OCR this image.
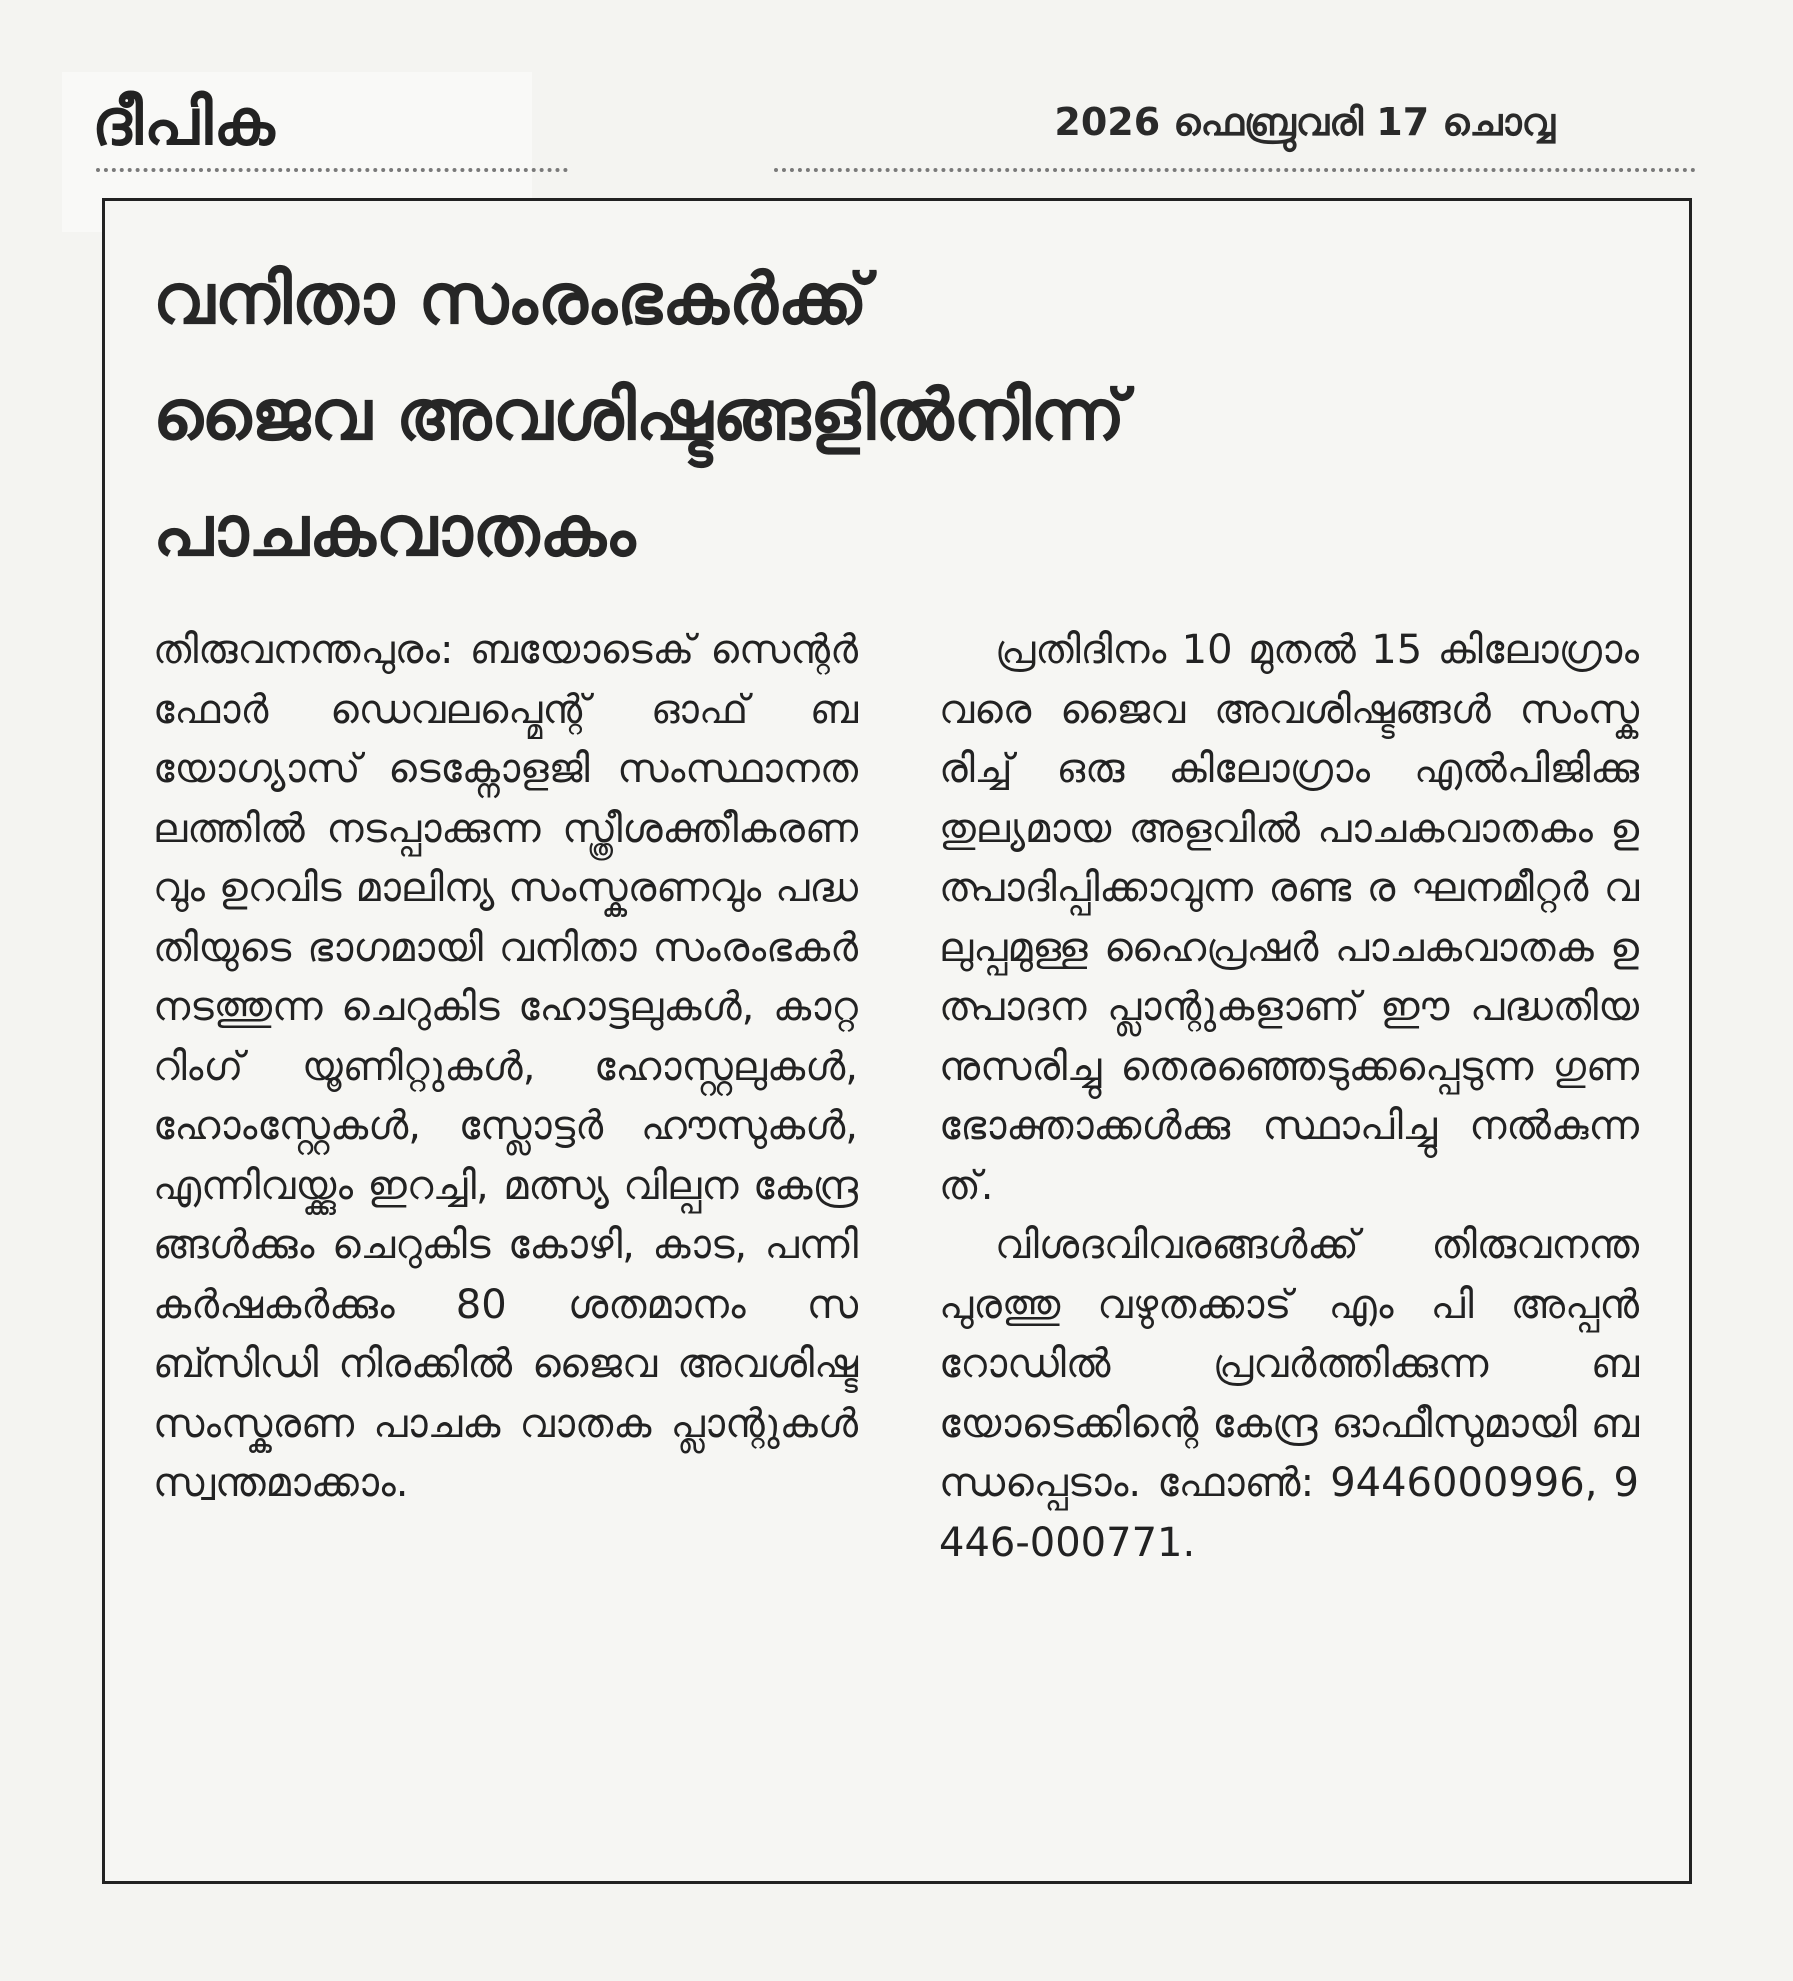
ദീപിക	2026 ഫെബ്രുവരി 17 ചൊവ്വ
വനിതാ സംരംഭകർക്ക്
ജൈവ അവശിഷ്ടങ്ങളിൽനിന്ന്
പാചകവാതകം

തിരുവനന്തപുരം: ബയോടെക് സെന്റർ ഫോർ ഡെവലപ്മെന്റ് ഓഫ് ബയോഗ്യാസ് ടെക്നോളജി സംസ്ഥാനതലത്തിൽ നടപ്പാക്കുന്ന സ്ത്രീശക്തീകരണവും ഉറവിട മാലിന്യ സംസ്കരണവും പദ്ധതിയുടെ ഭാഗമായി വനിതാ സംരംഭകർ നടത്തുന്ന ചെറുകിട ഹോട്ടലുകൾ, കാറ്ററിംഗ് യൂണിറ്റുകൾ, ഹോസ്റ്റലുകൾ, ഹോംസ്റ്റേകൾ, സ്ലോട്ടർ ഹൗസുകൾ, എന്നിവയ്ക്കും ഇറച്ചി, മത്സ്യ വില്പന കേന്ദ്രങ്ങൾക്കും ചെറുകിട കോഴി, കാട, പന്നി കർഷകർക്കും 80 ശതമാനം സബ്സിഡി നിരക്കിൽ ജൈവ അവശിഷ്ട സംസ്കരണ പാചക വാതക പ്ലാന്റുകൾ സ്വന്തമാക്കാം.

പ്രതിദിനം 10 മുതൽ 15 കിലോഗ്രാം വരെ ജൈവ അവശിഷ്ടങ്ങൾ സംസ്കരിച്ച് ഒരു കിലോഗ്രാം എൽപിജിക്കു തുല്യമായ അളവിൽ പാചകവാതകം ഉത്പാദിപ്പിക്കാവുന്ന രണ്ട ര ഘനമീറ്റർ വലുപ്പമുള്ള ഹൈപ്രഷർ പാചകവാതക ഉത്പാദന പ്ലാന്റുകളാണ് ഈ പദ്ധതിയനുസരിച്ചു തെരഞ്ഞെടുക്കപ്പെടുന്ന ഗുണഭോക്താക്കൾക്കു സ്ഥാപിച്ചു നൽകുന്നത്.

വിശദവിവരങ്ങൾക്ക് തിരുവനന്തപുരത്തു വഴുതക്കാട് എം പി അപ്പൻ റോഡിൽ പ്രവർത്തിക്കുന്ന ബയോടെക്കിന്റെ കേന്ദ്ര ഓഫീസുമായി ബന്ധപ്പെടാം. ഫോൺ: 9446000996, 9446-000771.
